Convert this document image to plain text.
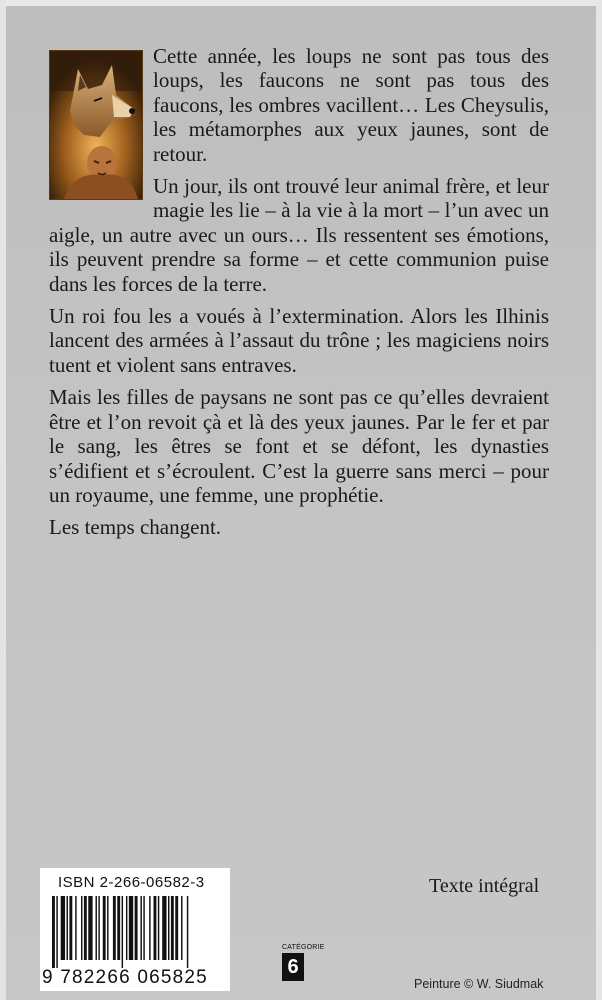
Cette année, les loups ne sont pas tous des loups, les faucons ne sont pas tous des faucons, les ombres vacillent… Les Cheysulis, les métamorphes aux yeux jaunes, sont de retour.

Un jour, ils ont trouvé leur animal frère, et leur magie les lie – à la vie à la mort – l’un avec un aigle, un autre avec un ours… Ils ressentent ses émotions, ils peuvent prendre sa forme – et cette communion puise dans les forces de la terre.

Un roi fou les a voués à l’extermination. Alors les Ilhinis lancent des armées à l’assaut du trône ; les magiciens noirs tuent et violent sans entraves.

Mais les filles de paysans ne sont pas ce qu’elles devraient être et l’on revoit çà et là des yeux jaunes. Par le fer et par le sang, les êtres se font et se défont, les dynasties s’édifient et s’écroulent. C’est la guerre sans merci – pour un royaume, une femme, une prophétie.

Les temps changent.

Texte intégral
ISBN 2-266-06582-3
9 782266 065825
CATÉGORIE
6
Peinture © W. Siudmak
